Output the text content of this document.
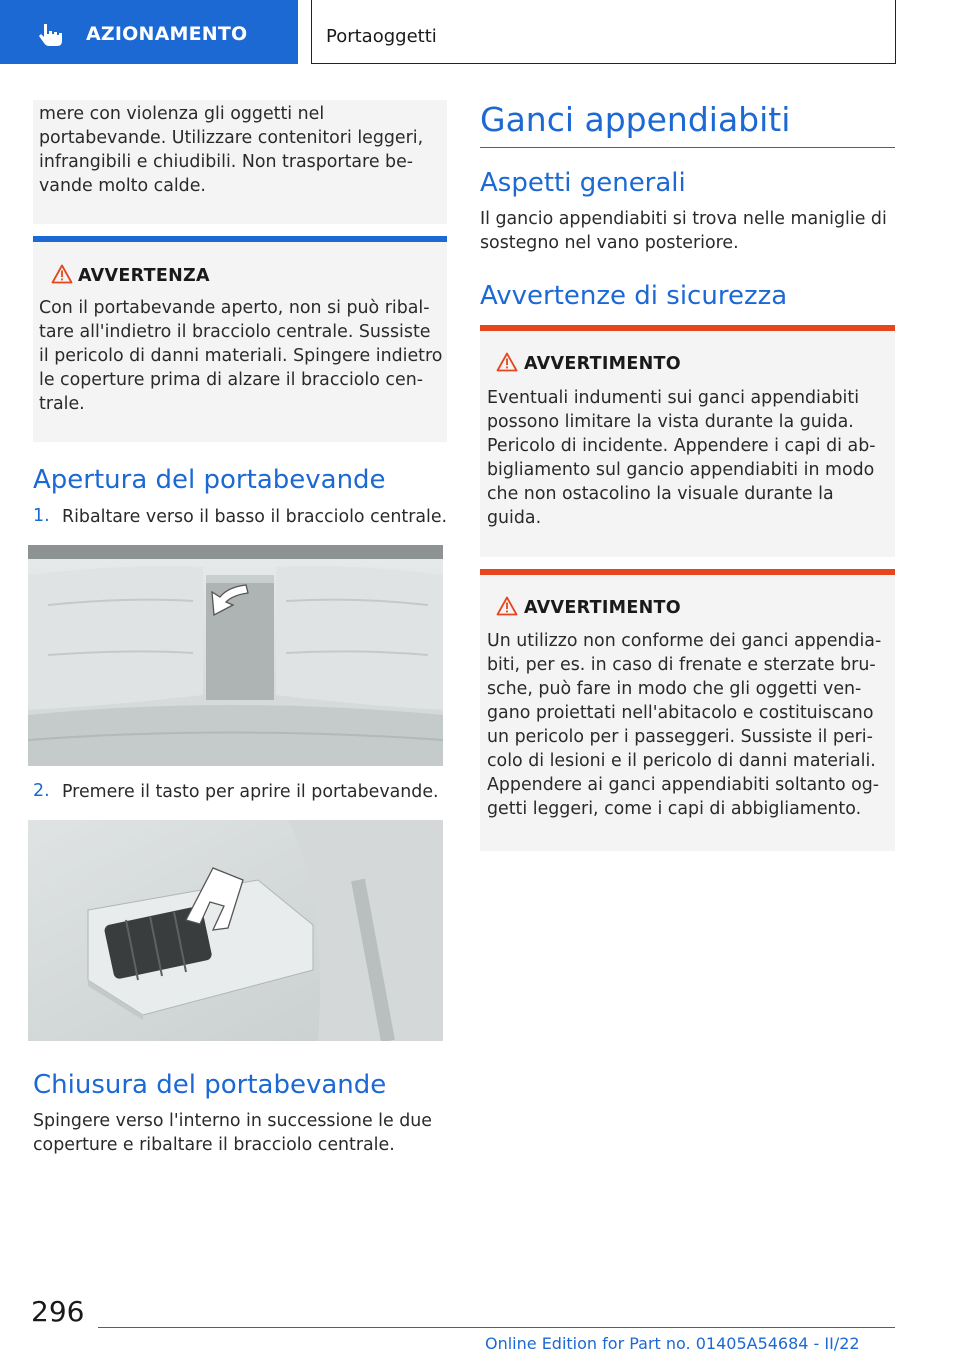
AZIONAMENTO	Portaoggetti
mere con violenza gli oggetti nel
portabevande. Utilizzare contenitori leggeri,
infrangibili e chiudibili. Non trasportare be-
vande molto calde.
AVVERTENZA
Con il portabevande aperto, non si può ribal-
tare all'indietro il bracciolo centrale. Sussiste
il pericolo di danni materiali. Spingere indietro
le coperture prima di alzare il bracciolo cen-
trale.
Apertura del portabevande
1. Ribaltare verso il basso il bracciolo centrale.
2. Premere il tasto per aprire il portabevande.
Chiusura del portabevande
Spingere verso l'interno in successione le due
coperture e ribaltare il bracciolo centrale.
Ganci appendiabiti
Aspetti generali
Il gancio appendiabiti si trova nelle maniglie di
sostegno nel vano posteriore.
Avvertenze di sicurezza
AVVERTIMENTO
Eventuali indumenti sui ganci appendiabiti
possono limitare la vista durante la guida.
Pericolo di incidente. Appendere i capi di ab-
bigliamento sul gancio appendiabiti in modo
che non ostacolino la visuale durante la
guida.
AVVERTIMENTO
Un utilizzo non conforme dei ganci appendia-
biti, per es. in caso di frenate e sterzate bru-
sche, può fare in modo che gli oggetti ven-
gano proiettati nell'abitacolo e costituiscano
un pericolo per i passeggeri. Sussiste il peri-
colo di lesioni e il pericolo di danni materiali.
Appendere ai ganci appendiabiti soltanto og-
getti leggeri, come i capi di abbigliamento.
296
Online Edition for Part no. 01405A54684 - II/22
